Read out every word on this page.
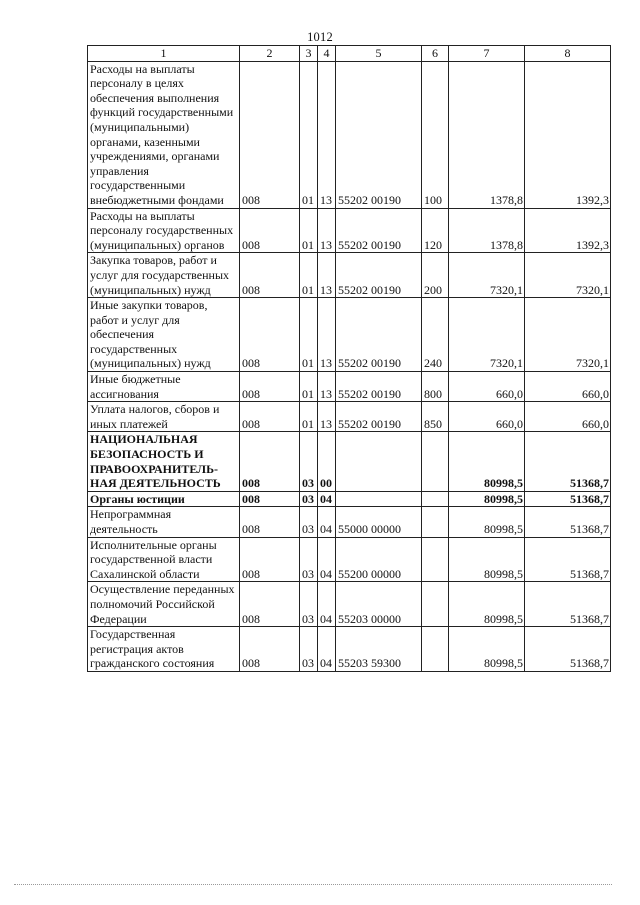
1012
1	2	3	4	5	6	7	8
Расходы на выплаты персоналу в целях обеспечения выполнения функций государственными (муниципальными) органами, казенными учреждениями, органами управления государственными внебюджетными фондами	008	01	13	55202 00190	100	1378,8	1392,3
Расходы на выплаты персоналу государственных (муниципальных) органов	008	01	13	55202 00190	120	1378,8	1392,3
Закупка товаров, работ и услуг для государственных (муниципальных) нужд	008	01	13	55202 00190	200	7320,1	7320,1
Иные закупки товаров, работ и услуг для обеспечения государственных (муниципальных) нужд	008	01	13	55202 00190	240	7320,1	7320,1
Иные бюджетные ассигнования	008	01	13	55202 00190	800	660,0	660,0
Уплата налогов, сборов и иных платежей	008	01	13	55202 00190	850	660,0	660,0
НАЦИОНАЛЬНАЯ БЕЗОПАСНОСТЬ И ПРАВООХРАНИТЕЛЬ-НАЯ ДЕЯТЕЛЬНОСТЬ	008	03	00			80998,5	51368,7
Органы юстиции	008	03	04			80998,5	51368,7
Непрограммная деятельность	008	03	04	55000 00000		80998,5	51368,7
Исполнительные органы государственной власти Сахалинской области	008	03	04	55200 00000		80998,5	51368,7
Осуществление переданных полномочий Российской Федерации	008	03	04	55203 00000		80998,5	51368,7
Государственная регистрация актов гражданского состояния	008	03	04	55203 59300		80998,5	51368,7
